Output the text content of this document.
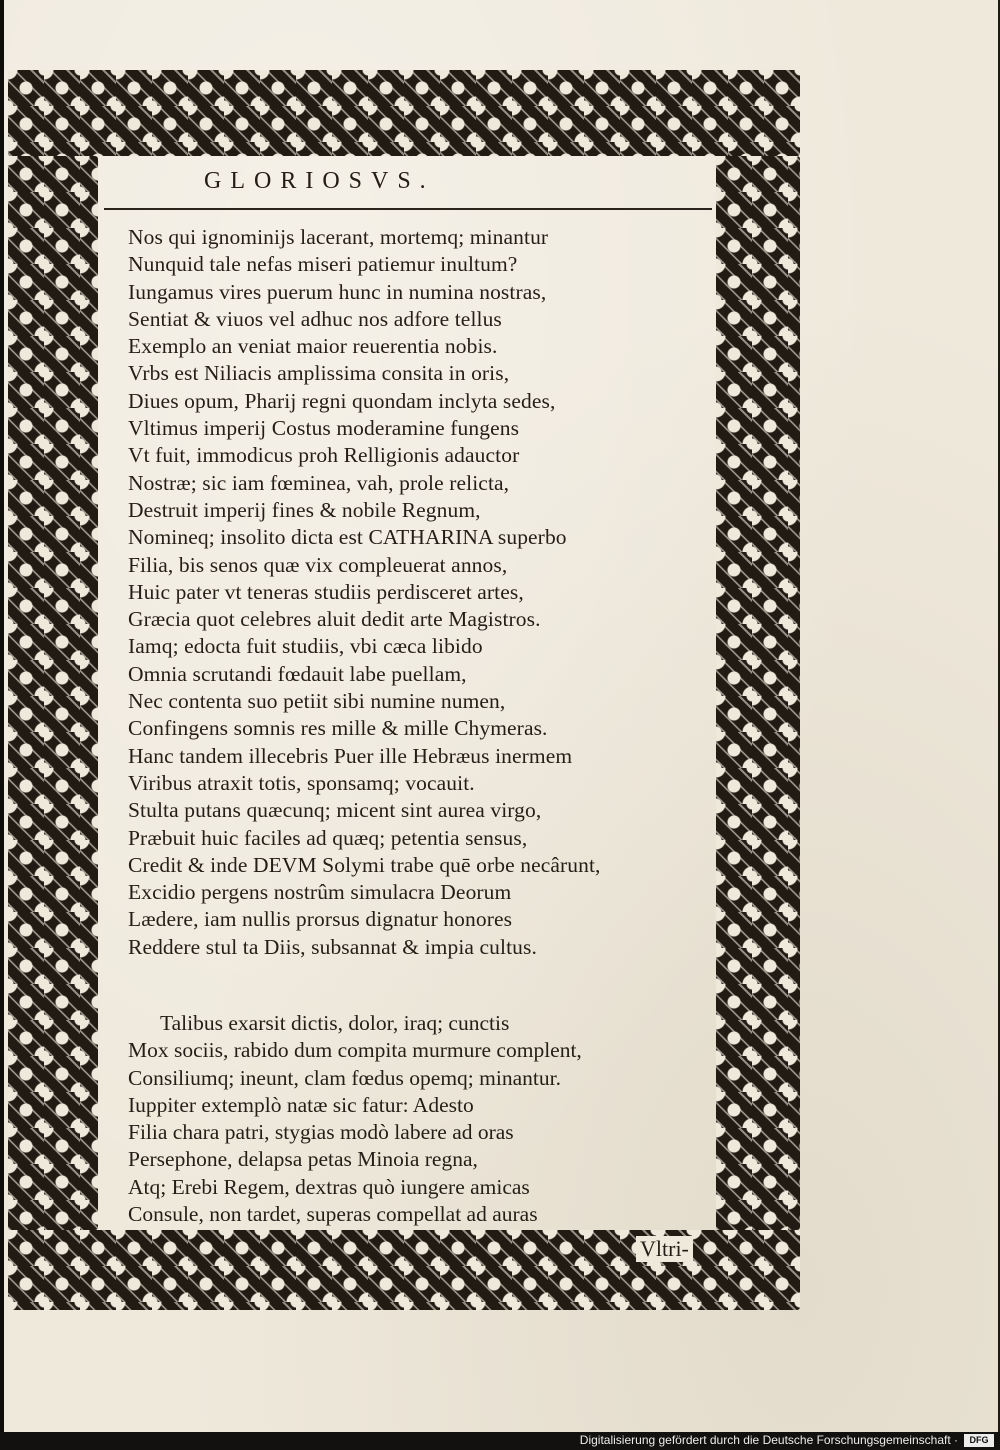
GLORIOSVS.
Nos qui ignominijs lacerant, mortemq; minantur
Nunquid tale nefas miseri patiemur inultum?
Iungamus vires puerum hunc in numina nostras,
Sentiat & viuos vel adhuc nos adfore tellus
Exemplo an veniat maior reuerentia nobis.
Vrbs est Niliacis amplissima consita in oris,
Diues opum, Pharij regni quondam inclyta sedes,
Vltimus imperij Costus moderamine fungens
Vt fuit, immodicus proh Relligionis adauctor
Nostræ; sic iam fœminea, vah, prole relicta,
Destruit imperij fines & nobile Regnum,
Nomineq; insolito dicta est CATHARINA superbo
Filia, bis senos quæ vix compleuerat annos,
Huic pater vt teneras studiis perdisceret artes,
Græcia quot celebres aluit dedit arte Magistros.
Iamq; edocta fuit studiis, vbi cæca libido
Omnia scrutandi fœdauit labe puellam,
Nec contenta suo petiit sibi numine numen,
Confingens somnis res mille & mille Chymeras.
Hanc tandem illecebris Puer ille Hebræus inermem
Viribus atraxit totis, sponsamq; vocauit.
Stulta putans quæcunq; micent sint aurea virgo,
Præbuit huic faciles ad quæq; petentia sensus,
Credit & inde DEVM Solymi trabe quē orbe necârunt,
Excidio pergens nostrûm simulacra Deorum
Lædere, iam nullis prorsus dignatur honores
Reddere stul ta Diis, subsannat & impia cultus.
Talibus exarsit dictis, dolor, iraq; cunctis
Mox sociis, rabido dum compita murmure complent,
Consiliumq; ineunt, clam fœdus opemq; minantur.
Iuppiter extemplò natæ sic fatur: Adesto
Filia chara patri, stygias modò labere ad oras
Persephone, delapsa petas Minoia regna,
Atq; Erebi Regem, dextras quò iungere amicas
Consule, non tardet, superas compellat ad auras
Vltri-
Digitalisierung gefördert durch die Deutsche Forschungsgemeinschaft ·	DFG
